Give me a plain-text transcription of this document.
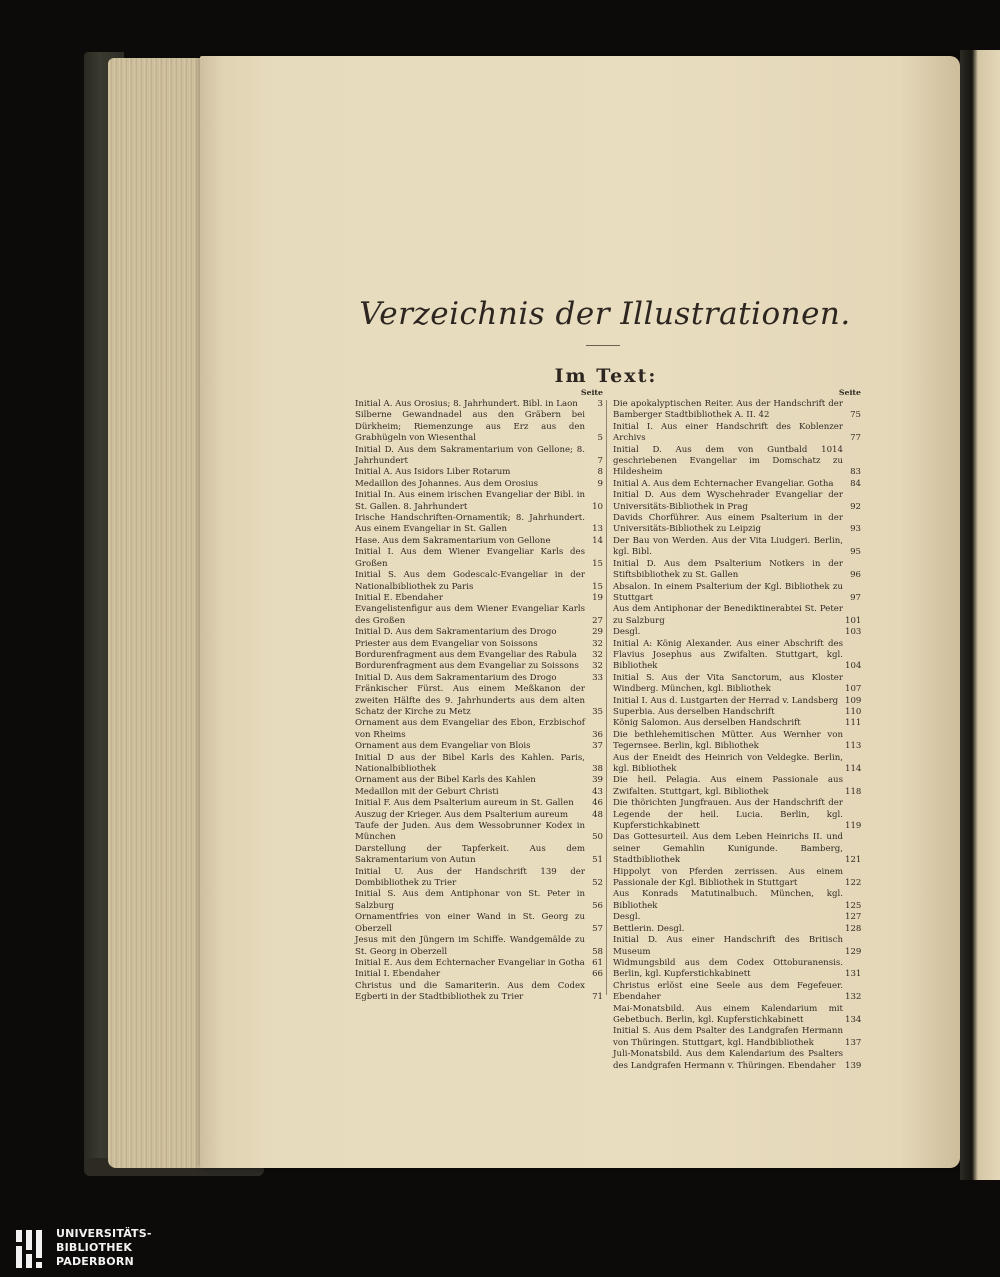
Verzeichnis der Illustrationen.
Im Text:
Seite
Initial A. Aus Orosius; 8. Jahrhundert. Bibl. in Laon	3
Silberne Gewandnadel aus den Gräbern bei Dürkheim; Riemenzunge aus Erz aus den Grabhügeln von Wiesenthal	5
Initial D. Aus dem Sakramentarium von Gellone; 8. Jahrhundert	7
Initial A. Aus Isidors Liber Rotarum	8
Medaillon des Johannes. Aus dem Orosius	9
Initial In. Aus einem irischen Evangeliar der Bibl. in St. Gallen. 8. Jahrhundert	10
Irische Handschriften-Ornamentik; 8. Jahrhundert. Aus einem Evangeliar in St. Gallen	13
Hase. Aus dem Sakramentarium von Gellone	14
Initial I. Aus dem Wiener Evangeliar Karls des Großen	15
Initial S. Aus dem Godescalc-Evangeliar in der Nationalbibliothek zu Paris	15
Initial E. Ebendaher	19
Evangelistenfigur aus dem Wiener Evangeliar Karls des Großen	27
Initial D. Aus dem Sakramentarium des Drogo	29
Priester aus dem Evangeliar von Soissons	32
Bordurenfragment aus dem Evangeliar des Rabula	32
Bordurenfragment aus dem Evangeliar zu Soissons	32
Initial D. Aus dem Sakramentarium des Drogo	33
Fränkischer Fürst. Aus einem Meßkanon der zweiten Hälfte des 9. Jahrhunderts aus dem alten Schatz der Kirche zu Metz	35
Ornament aus dem Evangeliar des Ebon, Erzbischof von Rheims	36
Ornament aus dem Evangeliar von Blois	37
Initial D aus der Bibel Karls des Kahlen. Paris, Nationalbibliothek	38
Ornament aus der Bibel Karls des Kahlen	39
Medaillon mit der Geburt Christi	43
Initial F. Aus dem Psalterium aureum in St. Gallen	46
Auszug der Krieger. Aus dem Psalterium aureum	48
Taufe der Juden. Aus dem Wessobrunner Kodex in München	50
Darstellung der Tapferkeit. Aus dem Sakramentarium von Autun	51
Initial U. Aus der Handschrift 139 der Dombibliothek zu Trier	52
Initial S. Aus dem Antiphonar von St. Peter in Salzburg	56
Ornamentfries von einer Wand in St. Georg zu Oberzell	57
Jesus mit den Jüngern im Schiffe. Wandgemälde zu St. Georg in Oberzell	58
Initial E. Aus dem Echternacher Evangeliar in Gotha 61
Initial I. Ebendaher	66
Christus und die Samariterin. Aus dem Codex Egberti in der Stadtbibliothek zu Trier	71
Seite
Die apokalyptischen Reiter. Aus der Handschrift der Bamberger Stadtbibliothek A. II. 42	75
Initial I. Aus einer Handschrift des Koblenzer Archivs	77
Initial D. Aus dem von Guntbald 1014 geschriebenen Evangeliar im Domschatz zu Hildesheim	83
Initial A. Aus dem Echternacher Evangeliar. Gotha	84
Initial D. Aus dem Wyschehrader Evangeliar der Universitäts-Bibliothek in Prag	92
Davids Chorführer. Aus einem Psalterium in der Universitäts-Bibliothek zu Leipzig	93
Der Bau von Werden. Aus der Vita Liudgeri. Berlin, kgl. Bibl.	95
Initial D. Aus dem Psalterium Notkers in der Stiftsbibliothek zu St. Gallen	96
Absalon. In einem Psalterium der Kgl. Bibliothek zu Stuttgart	97
Aus dem Antiphonar der Benediktinerabtei St. Peter zu Salzburg	101
Desgl.	103
Initial A: König Alexander. Aus einer Abschrift des Flavius Josephus aus Zwifalten. Stuttgart, kgl. Bibliothek	104
Initial S. Aus der Vita Sanctorum, aus Kloster Windberg. München, kgl. Bibliothek	107
Initial I. Aus d. Lustgarten der Herrad v. Landsberg 109
Superbia. Aus derselben Handschrift	110
König Salomon. Aus derselben Handschrift	111
Die bethlehemitischen Mütter. Aus Wernher von Tegernsee. Berlin, kgl. Bibliothek	113
Aus der Eneidt des Heinrich von Veldegke. Berlin, kgl. Bibliothek	114
Die heil. Pelagia. Aus einem Passionale aus Zwifalten. Stuttgart, kgl. Bibliothek	118
Die thörichten Jungfrauen. Aus der Handschrift der Legende der heil. Lucia. Berlin, kgl. Kupferstichkabinett	119
Das Gottesurteil. Aus dem Leben Heinrichs II. und seiner Gemahlin Kunigunde. Bamberg, Stadtbibliothek	121
Hippolyt von Pferden zerrissen. Aus einem Passionale der Kgl. Bibliothek in Stuttgart	122
Aus Konrads Matutinalbuch. München, kgl. Bibliothek	125
Desgl.	127
Bettlerin. Desgl.	128
Initial D. Aus einer Handschrift des Britisch Museum	129
Widmungsbild aus dem Codex Ottoburanensis. Berlin, kgl. Kupferstichkabinett	131
Christus erlöst eine Seele aus dem Fegefeuer. Ebendaher	132
Mai-Monatsbild. Aus einem Kalendarium mit Gebetbuch. Berlin, kgl. Kupferstichkabinett	134
Initial S. Aus dem Psalter des Landgrafen Hermann von Thüringen. Stuttgart, kgl. Handbibliothek	137
Juli-Monatsbild. Aus dem Kalendarium des Psalters des Landgrafen Hermann v. Thüringen. Ebendaher	139
UNIVERSITÄTS-
BIBLIOTHEK
PADERBORN
